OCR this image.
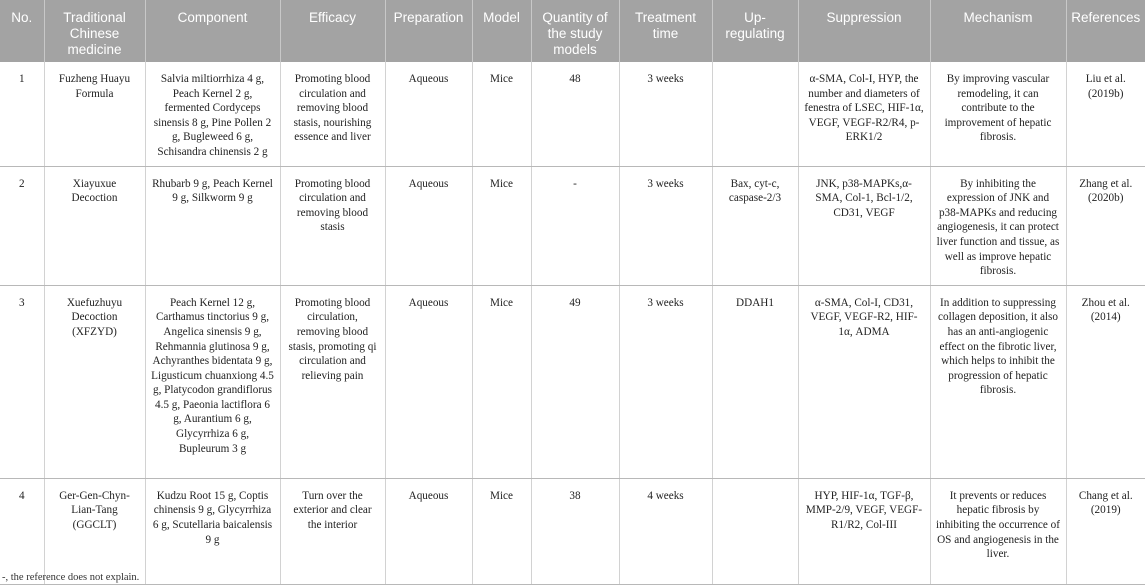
No.	Traditional Chinese medicine	Component	Efficacy	Preparation	Model	Quantity of the study models	Treatment time	Up-regulating	Suppression	Mechanism	References
1	Fuzheng Huayu Formula	Salvia miltiorrhiza 4 g, Peach Kernel 2 g, fermented Cordyceps sinensis 8 g, Pine Pollen 2 g, Bugleweed 6 g, Schisandra chinensis 2 g	Promoting blood circulation and removing blood stasis, nourishing essence and liver	Aqueous	Mice	48	3 weeks		α-SMA, Col-I, HYP, the number and diameters of fenestra of LSEC, HIF-1α, VEGF, VEGF-R2/R4, p-ERK1/2	By improving vascular remodeling, it can contribute to the improvement of hepatic fibrosis.	Liu et al. (2019b)
2	Xiayuxue Decoction	Rhubarb 9 g, Peach Kernel 9 g, Silkworm 9 g	Promoting blood circulation and removing blood stasis	Aqueous	Mice	-	3 weeks	Bax, cyt-c, caspase-2/3	JNK, p38-MAPKs,α-SMA, Col-1, Bcl-1/2, CD31, VEGF	By inhibiting the expression of JNK and p38-MAPKs and reducing angiogenesis, it can protect liver function and tissue, as well as improve hepatic fibrosis.	Zhang et al. (2020b)
3	Xuefuzhuyu Decoction (XFZYD)	Peach Kernel 12 g, Carthamus tinctorius 9 g, Angelica sinensis 9 g, Rehmannia glutinosa 9 g, Achyranthes bidentata 9 g, Ligusticum chuanxiong 4.5 g, Platycodon grandiflorus 4.5 g, Paeonia lactiflora 6 g, Aurantium 6 g, Glycyrrhiza 6 g, Bupleurum 3 g	Promoting blood circulation, removing blood stasis, promoting qi circulation and relieving pain	Aqueous	Mice	49	3 weeks	DDAH1	α-SMA, Col-I, CD31, VEGF, VEGF-R2, HIF-1α, ADMA	In addition to suppressing collagen deposition, it also has an anti-angiogenic effect on the fibrotic liver, which helps to inhibit the progression of hepatic fibrosis.	Zhou et al. (2014)
4	Ger-Gen-Chyn-Lian-Tang (GGCLT)	Kudzu Root 15 g, Coptis chinensis 9 g, Glycyrrhiza 6 g, Scutellaria baicalensis 9 g	Turn over the exterior and clear the interior	Aqueous	Mice	38	4 weeks		HYP, HIF-1α, TGF-β, MMP-2/9, VEGF, VEGF-R1/R2, Col-III	It prevents or reduces hepatic fibrosis by inhibiting the occurrence of OS and angiogenesis in the liver.	Chang et al. (2019)
-, the reference does not explain.
